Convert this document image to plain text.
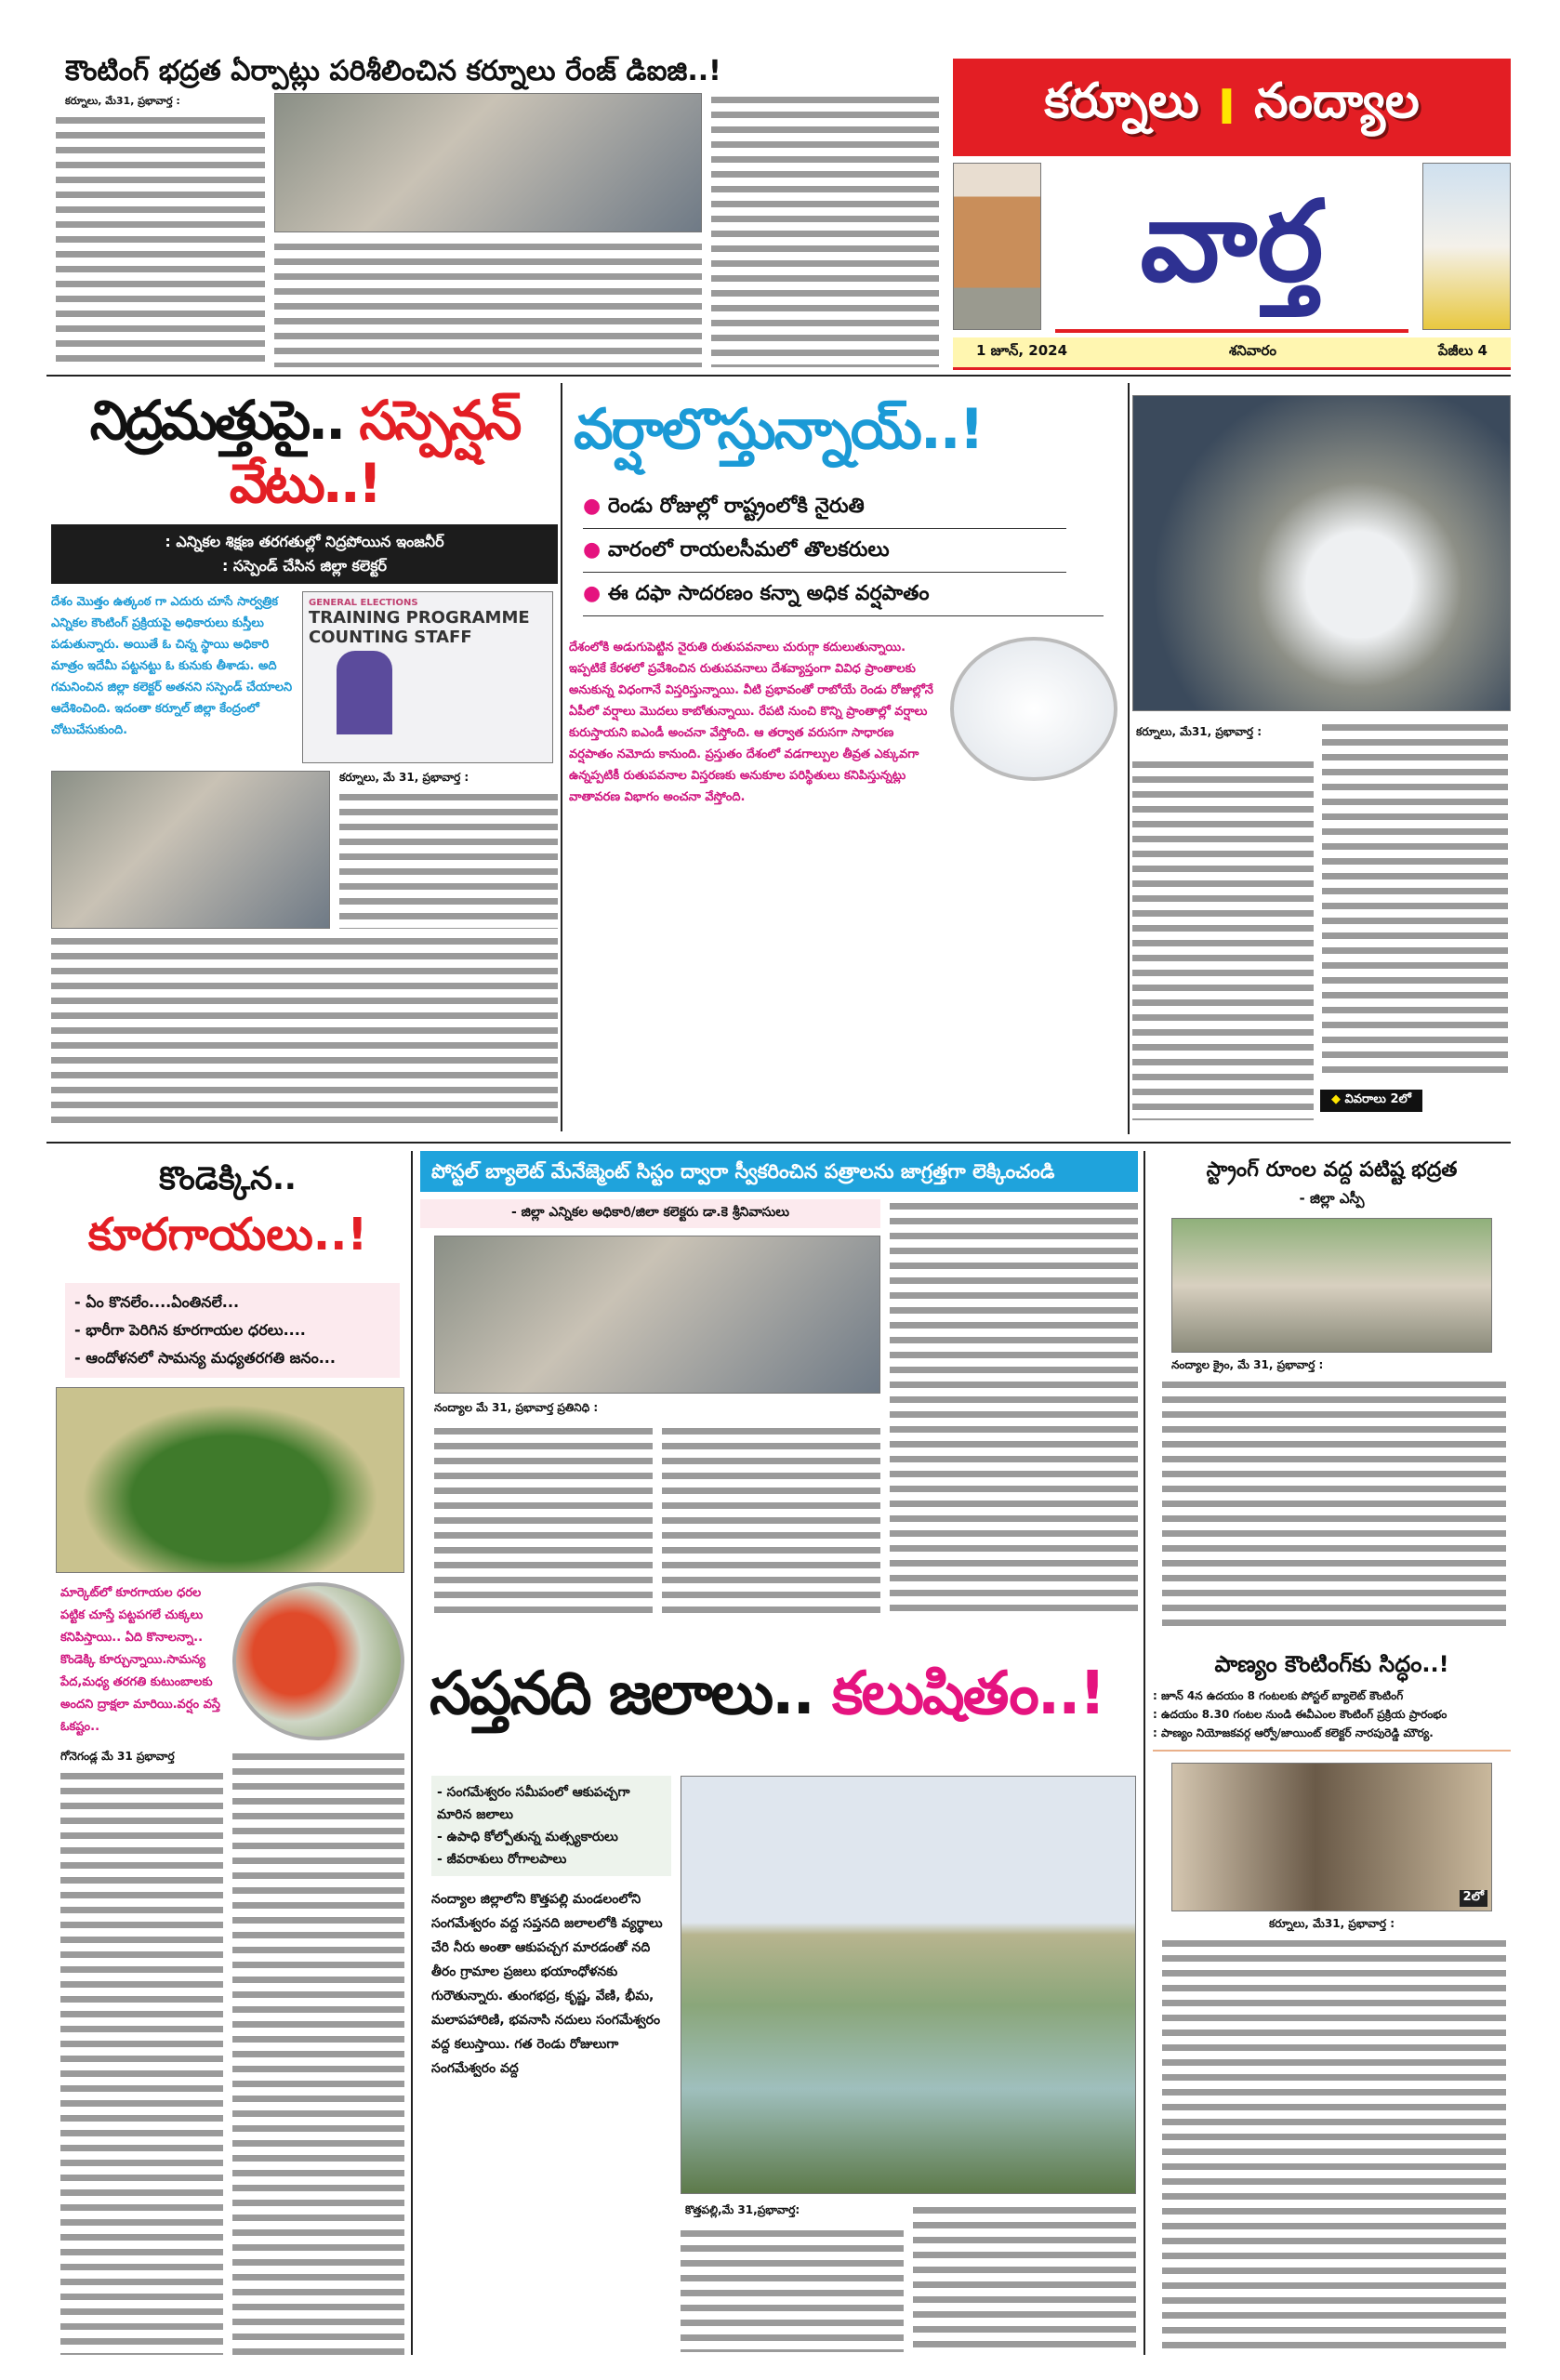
కౌంటింగ్ భద్రత ఏర్పాట్లు పరిశీలించిన కర్నూలు రేంజ్ డిఐజి..!
కర్నూలు, మే31, ప్రభావార్త :	కర్నూలు I నంద్యాల
వార్త
1 జూన్, 2024	శనివారం	పేజీలు 4
నిద్రమత్తుపై.. సస్పెన్షన్ వేటు..!
: ఎన్నికల శిక్షణ తరగతుల్లో నిద్రపోయిన ఇంజనీర్
: సస్పెండ్ చేసిన జిల్లా కలెక్టర్
దేశం మొత్తం ఉత్కంఠ గా ఎదురు చూసే సార్వత్రిక ఎన్నికల కౌంటింగ్ ప్రక్రియపై అధికారులు కుస్తీలు పడుతున్నారు. అయితే ఓ చిన్న స్థాయి అధికారి మాత్రం ఇదేమీ పట్టనట్టు ఓ కునుకు తీశాడు. అది గమనించిన జిల్లా కలెక్టర్ అతనని సస్పెండ్ చేయాలని ఆదేశించింది. ఇదంతా కర్నూల్ జిల్లా కేంద్రంలో చోటుచేసుకుంది.
GENERAL ELECTIONS
TRAINING PROGRAMME
COUNTING STAFF
కర్నూలు, మే 31, ప్రభావార్త :
వర్షాలొస్తున్నాయ్..!
● రెండు రోజుల్లో రాష్ట్రంలోకి నైరుతి
● వారంలో రాయలసీమలో తొలకరులు
● ఈ దఫా సాదరణం కన్నా అధిక వర్షపాతం
దేశంలోకి అడుగుపెట్టిన నైరుతి రుతుపవనాలు చురుగ్గా కదులుతున్నాయి. ఇప్పటికే కేరళలో ప్రవేశించిన రుతుపవనాలు దేశవ్యాప్తంగా వివిధ ప్రాంతాలకు అనుకున్న విధంగానే విస్తరిస్తున్నాయి. వీటి ప్రభావంతో రాబోయే రెండు రోజుల్లోనే ఏపీలో వర్షాలు మొదలు కాబోతున్నాయి. రేపటి నుంచి కొన్ని ప్రాంతాల్లో వర్షాలు కురుస్తాయని ఐఎండీ అంచనా వేస్తోంది. ఆ తర్వాత వరుసగా సాధారణ వర్షపాతం నమోదు కానుంది. ప్రస్తుతం దేశంలో వడగాల్పుల తీవ్రత ఎక్కువగా ఉన్నప్పటికీ రుతుపవనాల విస్తరణకు అనుకూల పరిస్థితులు కనిపిస్తున్నట్లు వాతావరణ విభాగం అంచనా వేస్తోంది.
కర్నూలు, మే31, ప్రభావార్త :
◆ వివరాలు 2లో
కొండెక్కిన..
కూరగాయలు..!
- ఏం కొనలేం....ఏంతినలే...
- భారీగా పెరిగిన కూరగాయల ధరలు....
- ఆందోళనలో సామన్య మధ్యతరగతి జనం...
మార్కెట్‌లో కూరగాయల ధరల పట్టిక చూస్తే పట్టపగలే చుక్కలు కనిపిస్తాయి.. ఏది కొనాలన్నా.. కొండెక్కి కూర్చున్నాయి.సామన్య పేద,మధ్య తరగతి కుటుంబాలకు అందని ద్రాక్షలా మారియి.వర్షం వస్తే ఓకష్టం..
గోనెగండ్ల మే 31 ప్రభావార్త
పోస్టల్ బ్యాలెట్ మేనేజ్మెంట్ సిస్టం ద్వారా స్వీకరించిన పత్రాలను జాగ్రత్తగా లెక్కించండి
- జిల్లా ఎన్నికల అధికారి/జిలా కలెక్టరు డా.కె శ్రీనివాసులు
నంద్యాల మే 31, ప్రభావార్త ప్రతినిధి :
సప్తనది జలాలు.. కలుషితం..!
- సంగమేశ్వరం సమీపంలో ఆకుపచ్చగా మారిన జలాలు
- ఉపాధి కోల్పోతున్న మత్స్యకారులు
- జీవరాశులు రోగాలపాలు
నంద్యాల జిల్లాలోని కొత్తపల్లి మండలంలోని సంగమేశ్వరం వద్ద సప్తనది జలాలలోకి వ్యర్థాలు చేరి నీరు అంతా ఆకుపచ్చగ మారడంతో నది తీరం గ్రామాల ప్రజలు భయాంధోళనకు గురౌతున్నారు. తుంగభద్ర, కృష్ణ, వేణి, భీమ, మలాపహారిణి, భవనాసి నదులు సంగమేశ్వరం వద్ద కలుస్తాయి. గత రెండు రోజులుగా సంగమేశ్వరం వద్ద
కొత్తపల్లి,మే 31,ప్రభావార్త:
స్ట్రాంగ్ రూంల వద్ద పటిష్ట భద్రత
- జిల్లా ఎస్పీ
నంద్యాల క్రైం, మే 31, ప్రభావార్త :
పాణ్యం కౌంటింగ్‌కు సిద్ధం..!
: జూన్ 4న ఉదయం 8 గంటలకు పోస్టల్ బ్యాలెట్ కౌంటింగ్
: ఉదయం 8.30 గంటల నుండి ఈవీఎంల కౌంటింగ్ ప్రక్రియ ప్రారంభం
: పాణ్యం నియోజకవర్గ ఆర్వో/జాయింట్ కలెక్టర్ నారపురెడ్డి మౌర్య.
2లో
కర్నూలు, మే31, ప్రభావార్త :
